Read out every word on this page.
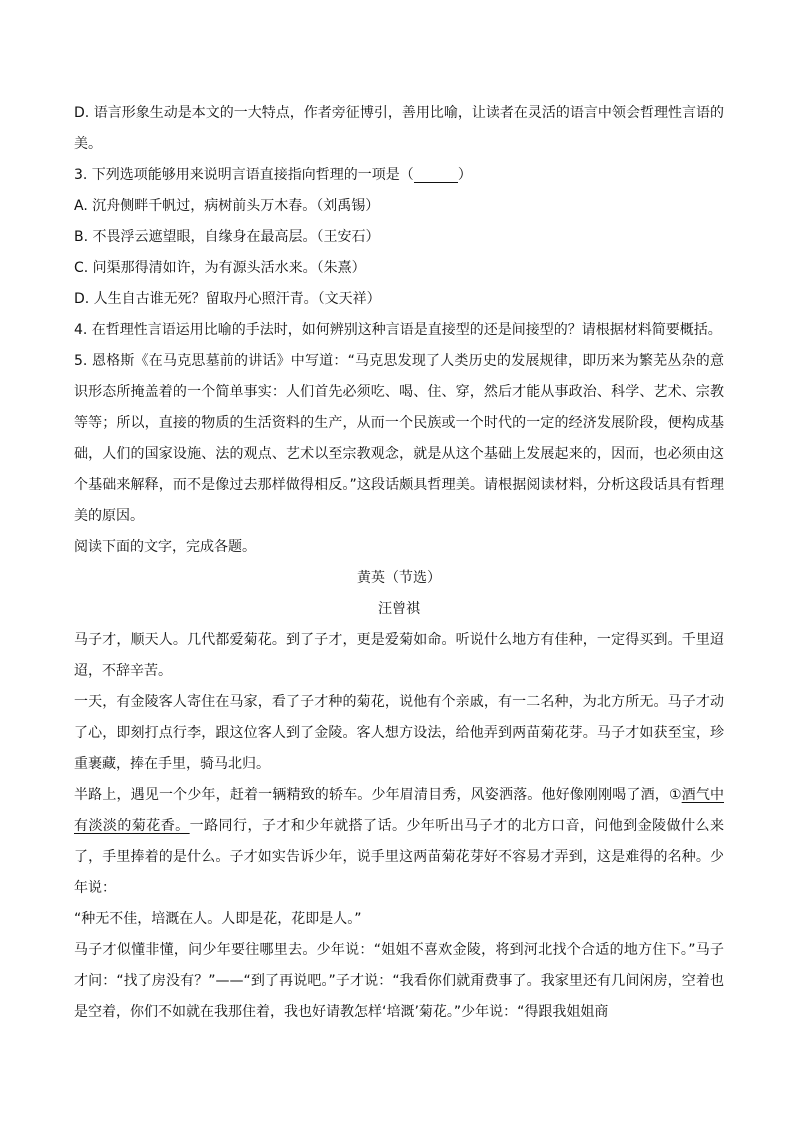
D. 语言形象生动是本文的一大特点，作者旁征博引，善用比喻，让读者在灵活的语言中领会哲理性言语的美。

3. 下列选项能够用来说明言语直接指向哲理的一项是（	）

A. 沉舟侧畔千帆过，病树前头万木春。（刘禹锡）

B. 不畏浮云遮望眼，自缘身在最高层。（王安石）

C. 问渠那得清如许，为有源头活水来。（朱熹）

D. 人生自古谁无死？留取丹心照汗青。（文天祥）

4. 在哲理性言语运用比喻的手法时，如何辨别这种言语是直接型的还是间接型的？请根据材料简要概括。

5. 恩格斯《在马克思墓前的讲话》中写道：“马克思发现了人类历史的发展规律，即历来为繁芜丛杂的意识形态所掩盖着的一个简单事实：人们首先必须吃、喝、住、穿，然后才能从事政治、科学、艺术、宗教等等；所以，直接的物质的生活资料的生产，从而一个民族或一个时代的一定的经济发展阶段，便构成基础，人们的国家设施、法的观点、艺术以至宗教观念，就是从这个基础上发展起来的，因而，也必须由这个基础来解释，而不是像过去那样做得相反。”这段话颇具哲理美。请根据阅读材料，分析这段话具有哲理美的原因。

阅读下面的文字，完成各题。

黄英（节选）

汪曾祺

马子才，顺天人。几代都爱菊花。到了子才，更是爱菊如命。听说什么地方有佳种，一定得买到。千里迢迢，不辞辛苦。

一天，有金陵客人寄住在马家，看了子才种的菊花，说他有个亲戚，有一二名种，为北方所无。马子才动了心，即刻打点行李，跟这位客人到了金陵。客人想方设法，给他弄到两苗菊花芽。马子才如获至宝，珍重裹藏，捧在手里，骑马北归。

半路上，遇见一个少年，赶着一辆精致的轿车。少年眉清目秀，风姿洒落。他好像刚刚喝了酒，①酒气中有淡淡的菊花香。一路同行，子才和少年就搭了话。少年听出马子才的北方口音，问他到金陵做什么来了，手里捧着的是什么。子才如实告诉少年，说手里这两苗菊花芽好不容易才弄到，这是难得的名种。少年说：

“种无不佳，培溉在人。人即是花，花即是人。”

马子才似懂非懂，问少年要往哪里去。少年说：“姐姐不喜欢金陵，将到河北找个合适的地方住下。”马子才问：“找了房没有？”——“到了再说吧。”子才说：“我看你们就甭费事了。我家里还有几间闲房，空着也是空着，你们不如就在我那住着，我也好请教怎样‘培溉’菊花。”少年说：“得跟我姐姐商
